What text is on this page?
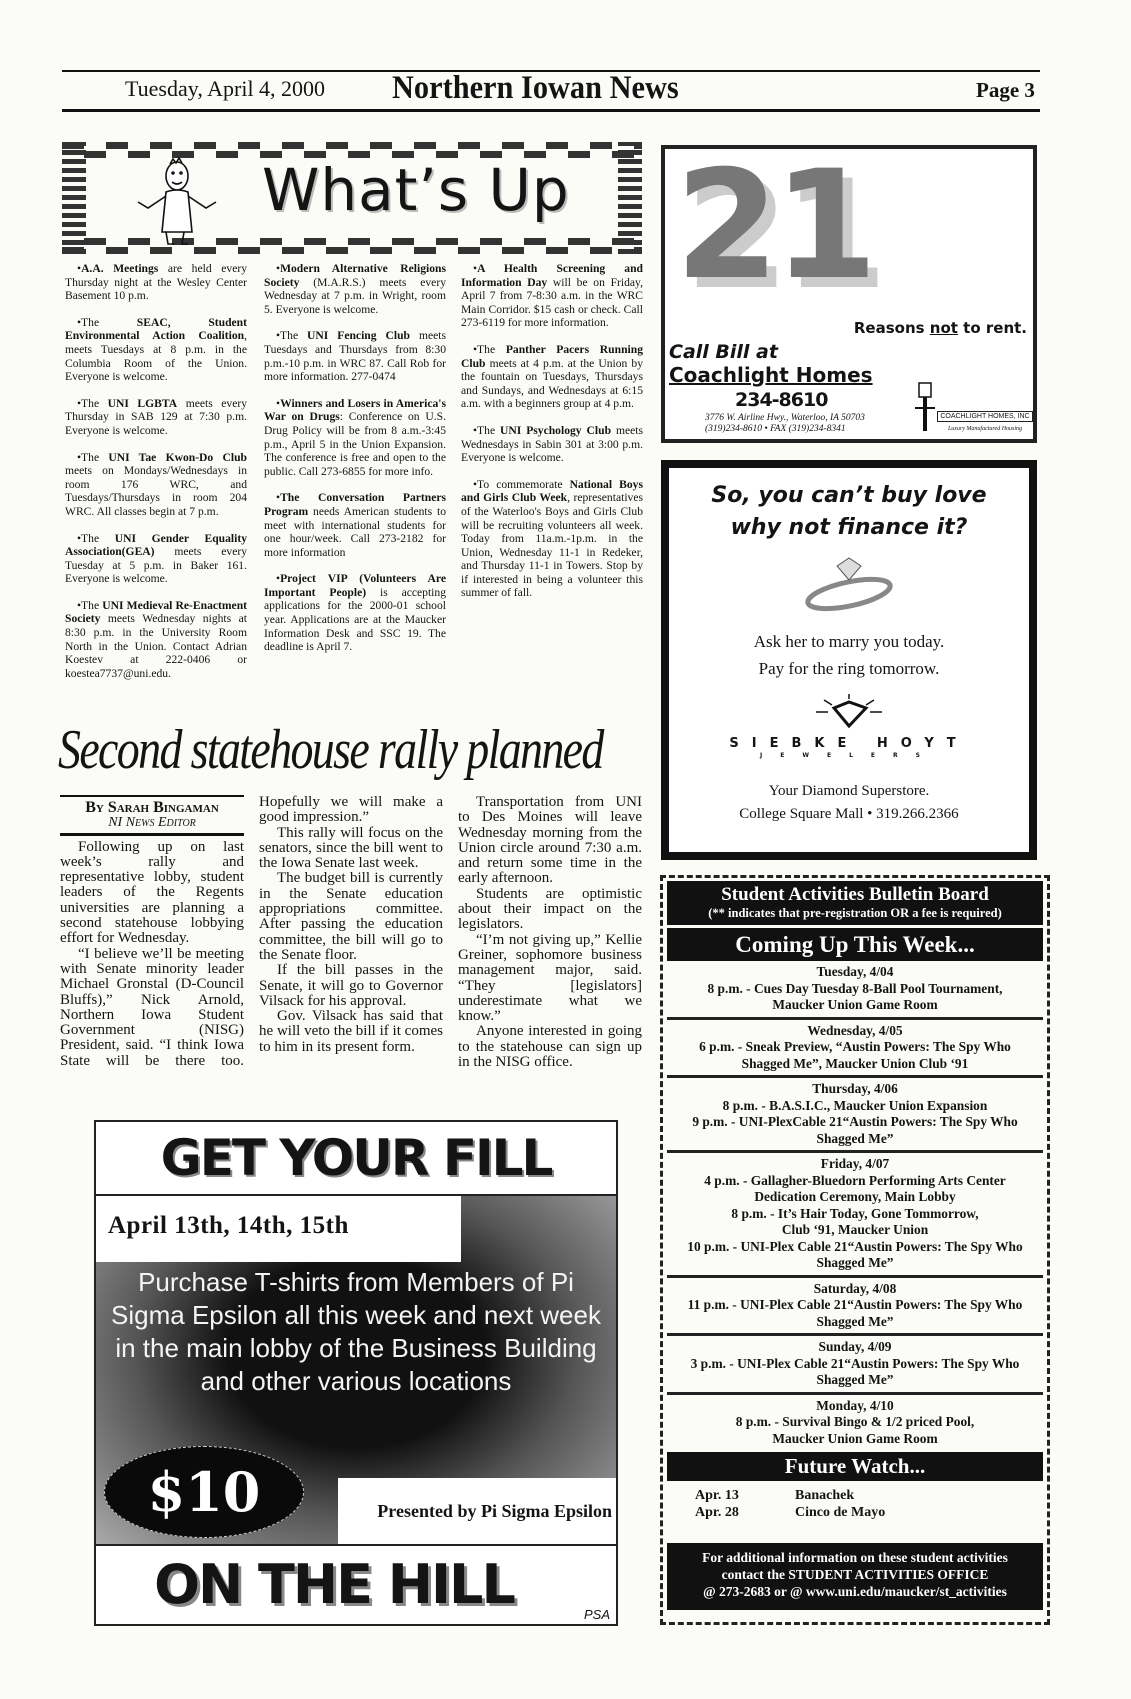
Tuesday, April 4, 2000 Northern Iowan News	Page 3
What’s Up

•A.A. Meetings are held every Thursday night at the Wesley Center Basement 10 p.m.

•The SEAC, Student Environmental Action Coalition, meets Tuesdays at 8 p.m. in the Columbia Room of the Union. Everyone is welcome.

•The UNI LGBTA meets every Thursday in SAB 129 at 7:30 p.m. Everyone is welcome.

•The UNI Tae Kwon-Do Club meets on Mondays/Wednesdays in room 176 WRC, and Tuesdays/Thursdays in room 204 WRC. All classes begin at 7 p.m.

•The UNI Gender Equality Association(GEA) meets every Tuesday at 5 p.m. in Baker 161. Everyone is welcome.

•The UNI Medieval Re-Enactment Society meets Wednesday nights at 8:30 p.m. in the University Room North in the Union. Contact Adrian Koestev at 222-0406 or koestea7737@uni.edu.

•Modern Alternative Religions Society (M.A.R.S.) meets every Wednesday at 7 p.m. in Wright, room 5. Everyone is welcome.

•The UNI Fencing Club meets Tuesdays and Thursdays from 8:30 p.m.-10 p.m. in WRC 87. Call Rob for more information. 277-0474

•Winners and Losers in America's War on Drugs: Conference on U.S. Drug Policy will be from 8 a.m.-3:45 p.m., April 5 in the Union Expansion. The conference is free and open to the public. Call 273-6855 for more info.

•The Conversation Partners Program needs American students to meet with international students for one hour/week. Call 273-2182 for more information

•Project VIP (Volunteers Are Important People) is accepting applications for the 2000-01 school year. Applications are at the Maucker Information Desk and SSC 19. The deadline is April 7.

•A Health Screening and Information Day will be on Friday, April 7 from 7-8:30 a.m. in the WRC Main Corridor. $15 cash or check. Call 273-6119 for more information.

•The Panther Pacers Running Club meets at 4 p.m. at the Union by the fountain on Tuesdays, Thursdays and Sundays, and Wednesdays at 6:15 a.m. with a beginners group at 4 p.m.

•The UNI Psychology Club meets Wednesdays in Sabin 301 at 3:00 p.m. Everyone is welcome.

•To commemorate National Boys and Girls Club Week, representatives of the Waterloo's Boys and Girls Club will be recruiting volunteers all week. Today from 11a.m.-1p.m. in the Union, Wednesday 11-1 in Redeker, and Thursday 11-1 in Towers. Stop by if interested in being a volunteer this summer of fall.

Second statehouse rally planned
By Sarah Bingaman
NI News Editor

Following up on last week’s rally and representative lobby, student leaders of the Regents universities are planning a second statehouse lobbying effort for Wednesday.

“I believe we’ll be meeting with Senate minority leader Michael Gronstal (D-Council Bluffs),” Nick Arnold, Northern Iowa Student Government (NISG) President, said. “I think Iowa State will be there too. Hopefully we will make a good impression.”

This rally will focus on the senators, since the bill went to the Iowa Senate last week.

The budget bill is currently in the Senate education appropriations committee. After passing the education committee, the bill will go to the Senate floor.

If the bill passes in the Senate, it will go to Governor Vilsack for his approval.

Gov. Vilsack has said that he will veto the bill if it comes to him in its present form.

Transportation from UNI to Des Moines will leave Wednesday morning from the Union circle around 7:30 a.m. and return some time in the early afternoon.

Students are optimistic about their impact on the legislators.

“I’m not giving up,” Kellie Greiner, sophomore business management major, said. “They [legislators] underestimate what we know.”

Anyone interested in going to the statehouse can sign up in the NISG office.

GET YOUR FILL
April 13th, 14th, 15th
Purchase T-shirts from Members of Pi Sigma Epsilon all this week and next week in the main lobby of the Business Building and other various locations
$10	Presented by Pi Sigma Epsilon
ON THE HILL	PSA
21
Reasons not to rent.
Call Bill at
Coachlight Homes
234-8610
3776 W. Airline Hwy., Waterloo, IA 50703
(319)234-8610 • FAX (319)234-8341
COACHLIGHT HOMES, INC
Luxury Manufactured Housing
So, you can’t buy love
why not finance it?
Ask her to marry you today.
Pay for the ring tomorrow.
SIEBKE HOYT
JEWELERS
Your Diamond Superstore.
College Square Mall • 319.266.2366
Student Activities Bulletin Board
(** indicates that pre-registration OR a fee is required)
Coming Up This Week...
Tuesday, 4/04
8 p.m. - Cues Day Tuesday 8-Ball Pool Tournament,
Maucker Union Game Room
Wednesday, 4/05
6 p.m. - Sneak Preview, “Austin Powers: The Spy Who
Shagged Me”, Maucker Union Club ‘91
Thursday, 4/06
8 p.m. - B.A.S.I.C., Maucker Union Expansion
9 p.m. - UNI-PlexCable 21“Austin Powers: The Spy Who
Shagged Me”
Friday, 4/07
4 p.m. - Gallagher-Bluedorn Performing Arts Center
Dedication Ceremony, Main Lobby
8 p.m. - It’s Hair Today, Gone Tommorrow,
Club ‘91, Maucker Union
10 p.m. - UNI-Plex Cable 21“Austin Powers: The Spy Who
Shagged Me”
Saturday, 4/08
11 p.m. - UNI-Plex Cable 21“Austin Powers: The Spy Who
Shagged Me”
Sunday, 4/09
3 p.m. - UNI-Plex Cable 21“Austin Powers: The Spy Who
Shagged Me”
Monday, 4/10
8 p.m. - Survival Bingo & 1/2 priced Pool,
Maucker Union Game Room
Future Watch...
Apr. 13	Banachek
Apr. 28	Cinco de Mayo
For additional information on these student activities
contact the STUDENT ACTIVITIES OFFICE
@ 273-2683 or @ www.uni.edu/maucker/st_activities
